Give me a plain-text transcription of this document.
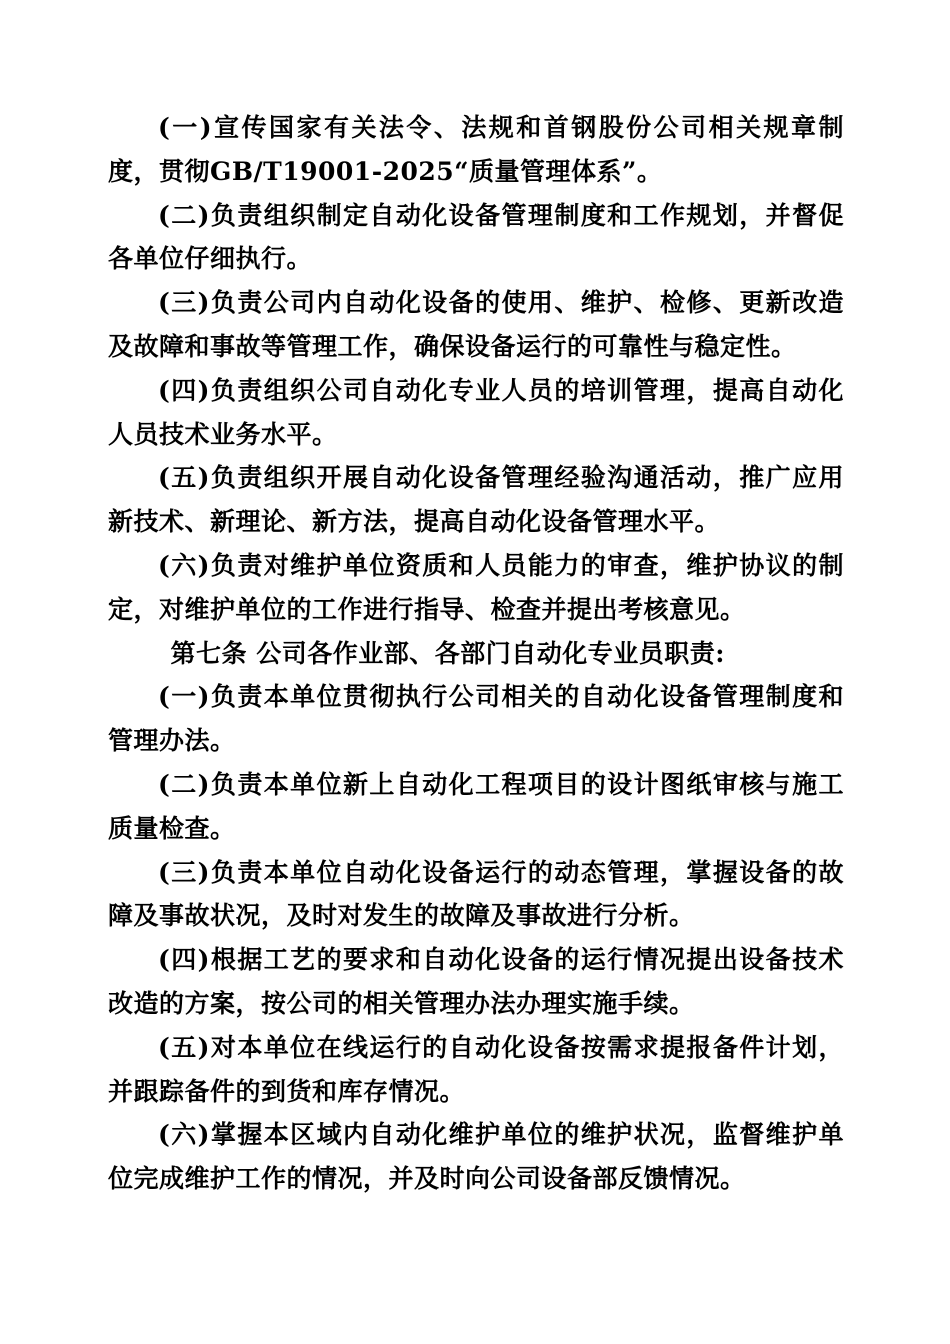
(一)宣传国家有关法令、法规和首钢股份公司相关规章制度，贯彻GB/T19001-2025“质量管理体系”。

(二)负责组织制定自动化设备管理制度和工作规划，并督促各单位仔细执行。

(三)负责公司内自动化设备的使用、维护、检修、更新改造及故障和事故等管理工作，确保设备运行的可靠性与稳定性。

(四)负责组织公司自动化专业人员的培训管理，提高自动化人员技术业务水平。

(五)负责组织开展自动化设备管理经验沟通活动，推广应用新技术、新理论、新方法，提高自动化设备管理水平。

(六)负责对维护单位资质和人员能力的审查，维护协议的制定，对维护单位的工作进行指导、检查并提出考核意见。

第七条 公司各作业部、各部门自动化专业员职责:

(一)负责本单位贯彻执行公司相关的自动化设备管理制度和管理办法。

(二)负责本单位新上自动化工程项目的设计图纸审核与施工质量检查。

(三)负责本单位自动化设备运行的动态管理，掌握设备的故障及事故状况，及时对发生的故障及事故进行分析。

(四)根据工艺的要求和自动化设备的运行情况提出设备技术改造的方案，按公司的相关管理办法办理实施手续。

(五)对本单位在线运行的自动化设备按需求提报备件计划，并跟踪备件的到货和库存情况。

(六)掌握本区域内自动化维护单位的维护状况，监督维护单位完成维护工作的情况，并及时向公司设备部反馈情况。
